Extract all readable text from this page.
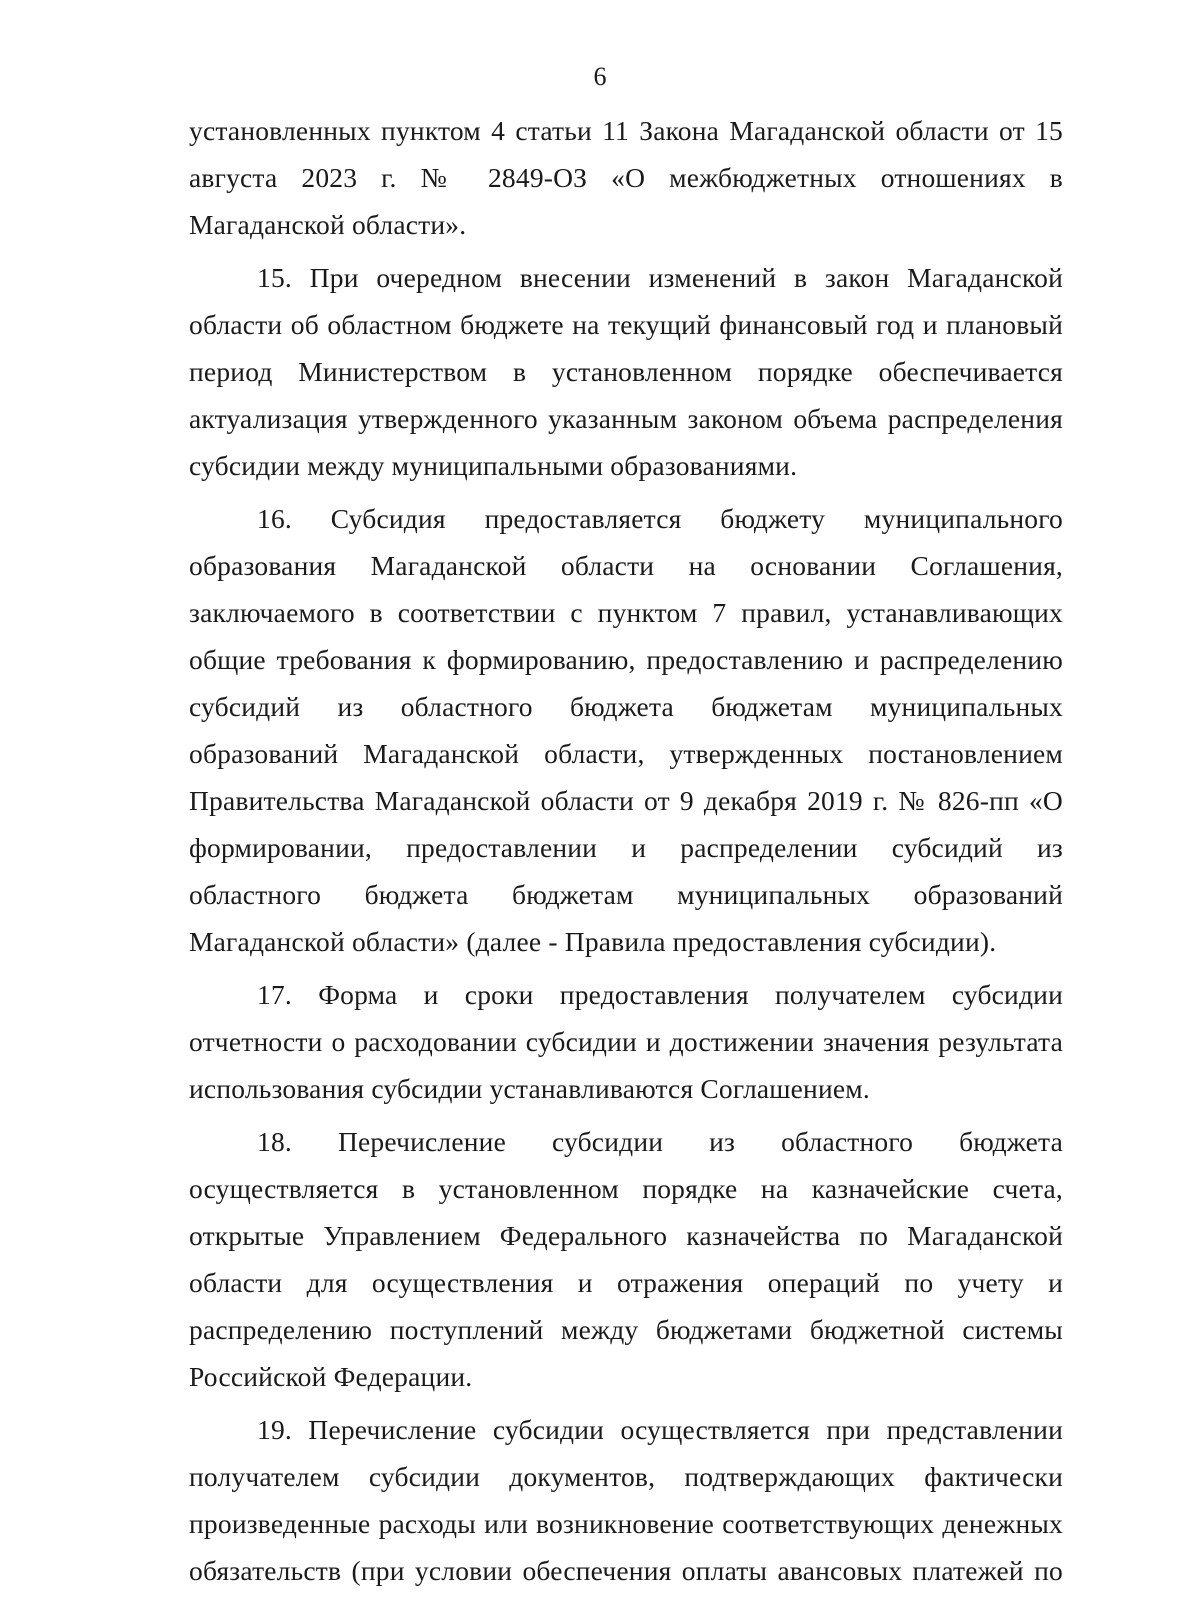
6

установленных пунктом 4 статьи 11 Закона Магаданской области от 15 августа 2023 г. № 2849-ОЗ «О межбюджетных отношениях в Магаданской области».

15. При очередном внесении изменений в закон Магаданской области об областном бюджете на текущий финансовый год и плановый период Министерством в установленном порядке обеспечивается актуализация утвержденного указанным законом объема распределения субсидии между муниципальными образованиями.

16. Субсидия предоставляется бюджету муниципального образования Магаданской области на основании Соглашения, заключаемого в соответствии с пунктом 7 правил, устанавливающих общие требования к формированию, предоставлению и распределению субсидий из областного бюджета бюджетам муниципальных образований Магаданской области, утвержденных постановлением Правительства Магаданской области от 9 декабря 2019 г. № 826-пп «О формировании, предоставлении и распределении субсидий из областного бюджета бюджетам муниципальных образований Магаданской области» (далее - Правила предоставления субсидии).

17. Форма и сроки предоставления получателем субсидии отчетности о расходовании субсидии и достижении значения результата использования субсидии устанавливаются Соглашением.

18. Перечисление субсидии из областного бюджета осуществляется в установленном порядке на казначейские счета, открытые Управлением Федерального казначейства по Магаданской области для осуществления и отражения операций по учету и распределению поступлений между бюджетами бюджетной системы Российской Федерации.

19. Перечисление субсидии осуществляется при представлении получателем субсидии документов, подтверждающих фактически произведенные расходы или возникновение соответствующих денежных обязательств (при условии обеспечения оплаты авансовых платежей по
